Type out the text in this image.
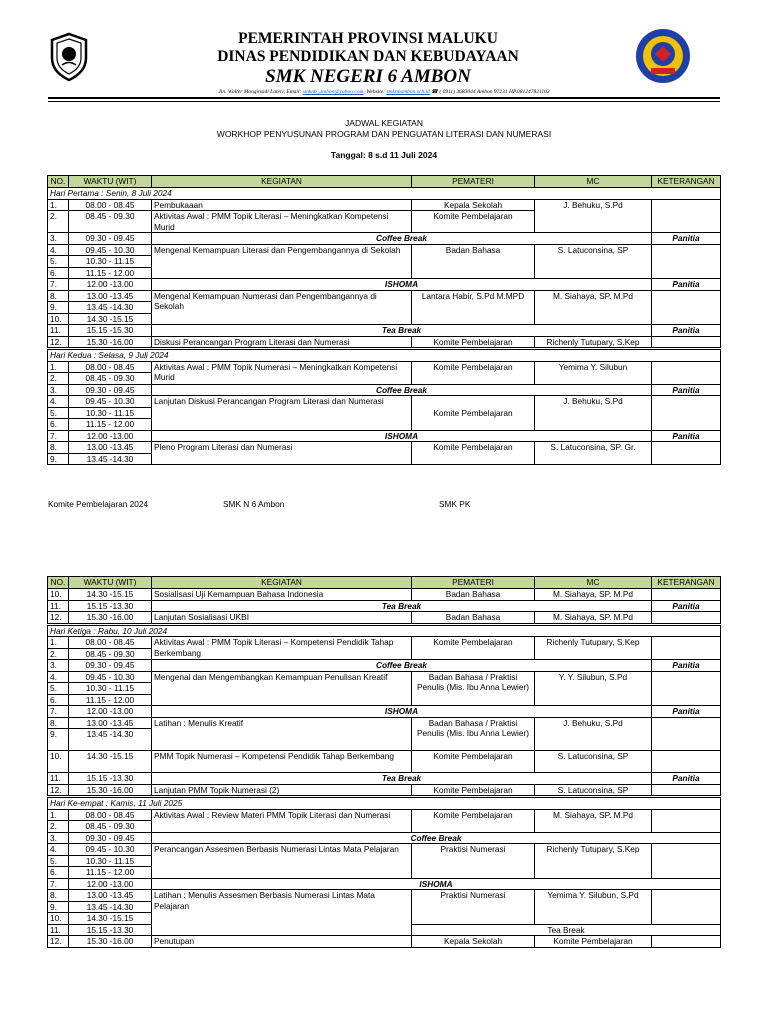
PEMERINTAH PROVINSI MALUKU
DINAS PENDIDIKAN DAN KEBUDAYAAN
SMK NEGERI 6 AMBON
Jln. Walter Monginsidi Lateri, Email: smkn6_ambon@yahoo.com, Website: smkn6ambon.sch.id ☎ ( 0911) 3683044 Ambon 97231 HP.081247821103
JADWAL KEGIATAN
WORKHOP PENYUSUNAN PROGRAM DAN PENGUATAN LITERASI DAN NUMERASI
Tanggal: 8 s.d 11 Juli 2024
NO.	WAKTU (WIT)	KEGIATAN	PEMATERI	MC	KETERANGAN
Hari Pertama : Senin, 8 Juli 2024					
1.	08.00 - 08.45	Pembukaaan	Kepala Sekolah	J. Behuku, S.Pd	
2.	08.45 - 09.30	Aktivitas Awal : PMM Topik Literasi – Meningkatkan Kompetensi Murid	Komite Pembelajaran		
3.	09.30 - 09.45	Coffee Break			Panitia
4.	09.45 - 10.30	Mengenal Kemampuan Literasi dan Pengembangannya di Sekolah	Badan Bahasa	S. Latuconsina, SP	
5.	10.30 - 11.15				
6.	11.15 - 12.00				
7.	12.00 -13.00	ISHOMA			Panitia
8.	13.00 -13.45	Mengenal Kemampuan Numerasi dan Pengembangannya di Sekolah	Lantara Habir, S.Pd M.MPD	M. Siahaya, SP. M.Pd	
9.	13.45 -14.30				
10.	14.30 -15.15				
11.	15.15 -15.30	Tea Break			Panitia
12.	15.30 -16.00	Diskusi Perancangan Program Literasi dan Numerasi	Komite Pembelajaran	Richenly Tutupary, S.Kep	
Hari Kedua : Selasa, 9 Juli 2024					
1.	08.00 - 08.45	Aktivitas Awal : PMM Topik Numerasi – Meningkatkan Kompetensi Murid	Komite Pembelajaran	Yemima Y. Silubun	
2.	08.45 - 09.30				
3.	09.30 - 09.45	Coffee Break			Panitia
4.	09.45 - 10.30	Lanjutan Diskusi Perancangan Program Literasi dan Numerasi	Komite Pembelajaran	J. Behuku, S.Pd	
5.	10.30 - 11.15				
6.	11.15 - 12.00				
7.	12.00 -13.00	ISHOMA			Panitia
8.	13.00 -13.45	Pleno Program Literasi dan Numerasi	Komite Pembelajaran	S. Latuconsina, SP. Gr.	
9.	13.45 -14.30				
Komite Pembelajaran 2024	SMK N 6 Ambon	SMK PK
NO.	WAKTU (WIT)	KEGIATAN	PEMATERI	MC	KETERANGAN
10.	14.30 -15.15	Sosialisasi Uji Kemampuan Bahasa Indonesia	Badan Bahasa	M. Siahaya, SP. M.Pd	
11.	15.15 -13.30	Tea Break			Panitia
12.	15.30 -16.00	Lanjutan Sosialisasi UKBI	Badan Bahasa	M. Siahaya, SP. M.Pd	
Hari Ketiga : Rabu, 10 Juli 2024					
1.	08.00 - 08.45	Aktivitas Awal : PMM Topik Literasi – Kompetensi Pendidik Tahap Berkembang	Komite Pembelajaran	Richenly Tutupary, S.Kep	
2.	08.45 - 09.30				
3.	09.30 - 09.45	Coffee Break			Panitia
4.	09.45 - 10.30	Mengenal dan Mengembangkan Kemampuan Penulisan Kreatif	Badan Bahasa / Praktisi Penulis (Mis. Ibu Anna Lewier)	Y. Y. Silubun, S.Pd	
5.	10.30 - 11.15				
6.	11.15 - 12.00				
7.	12.00 -13.00	ISHOMA			Panitia
8.	13.00 -13.45	Latihan : Menulis Kreatif	Badan Bahasa / Praktisi Penulis (Mis. Ibu Anna Lewier)	J. Behuku, S.Pd	
9.	13.45 -14.30				
10.	14.30 -15.15	PMM Topik Numerasi – Kompetensi Pendidik Tahap Berkembang	Komite Pembelajaran	S. Latuconsina, SP	
11.	15.15 -13.30	Tea Break			Panitia
12.	15.30 -16.00	Lanjutan PMM Topik Numerasi (2)	Komite Pembelajaran	S. Latuconsina, SP	
Hari Ke-empat : Kamis, 11 Juli 2025					
1.	08.00 - 08.45	Aktivitas Awal : Review Materi PMM Topik Literasi dan Numerasi	Komite Pembelajaran	M. Siahaya, SP. M.Pd	
2.	08.45 - 09.30				
3.	09.30 - 09.45	Coffee Break			
4.	09.45 - 10.30	Perancangan Assesmen Berbasis Numerasi Lintas Mata Pelajaran	Praktisi Numerasi	Richenly Tutupary, S.Kep	
5.	10.30 - 11.15				
6.	11.15 - 12.00				
7.	12.00 -13.00	ISHOMA			
8.	13.00 -13.45	Latihan : Menulis Assesmen Berbasis Numerasi Lintas Mata Pelajaran	Praktisi Numerasi	Yemima Y. Silubun, S.Pd	
9.	13.45 -14.30				
10.	14.30 -15.15				
11.	15.15 -13.30		Tea Break		
12.	15.30 -16.00	Penutupan	Kepala Sekolah	Komite Pembelajaran	
